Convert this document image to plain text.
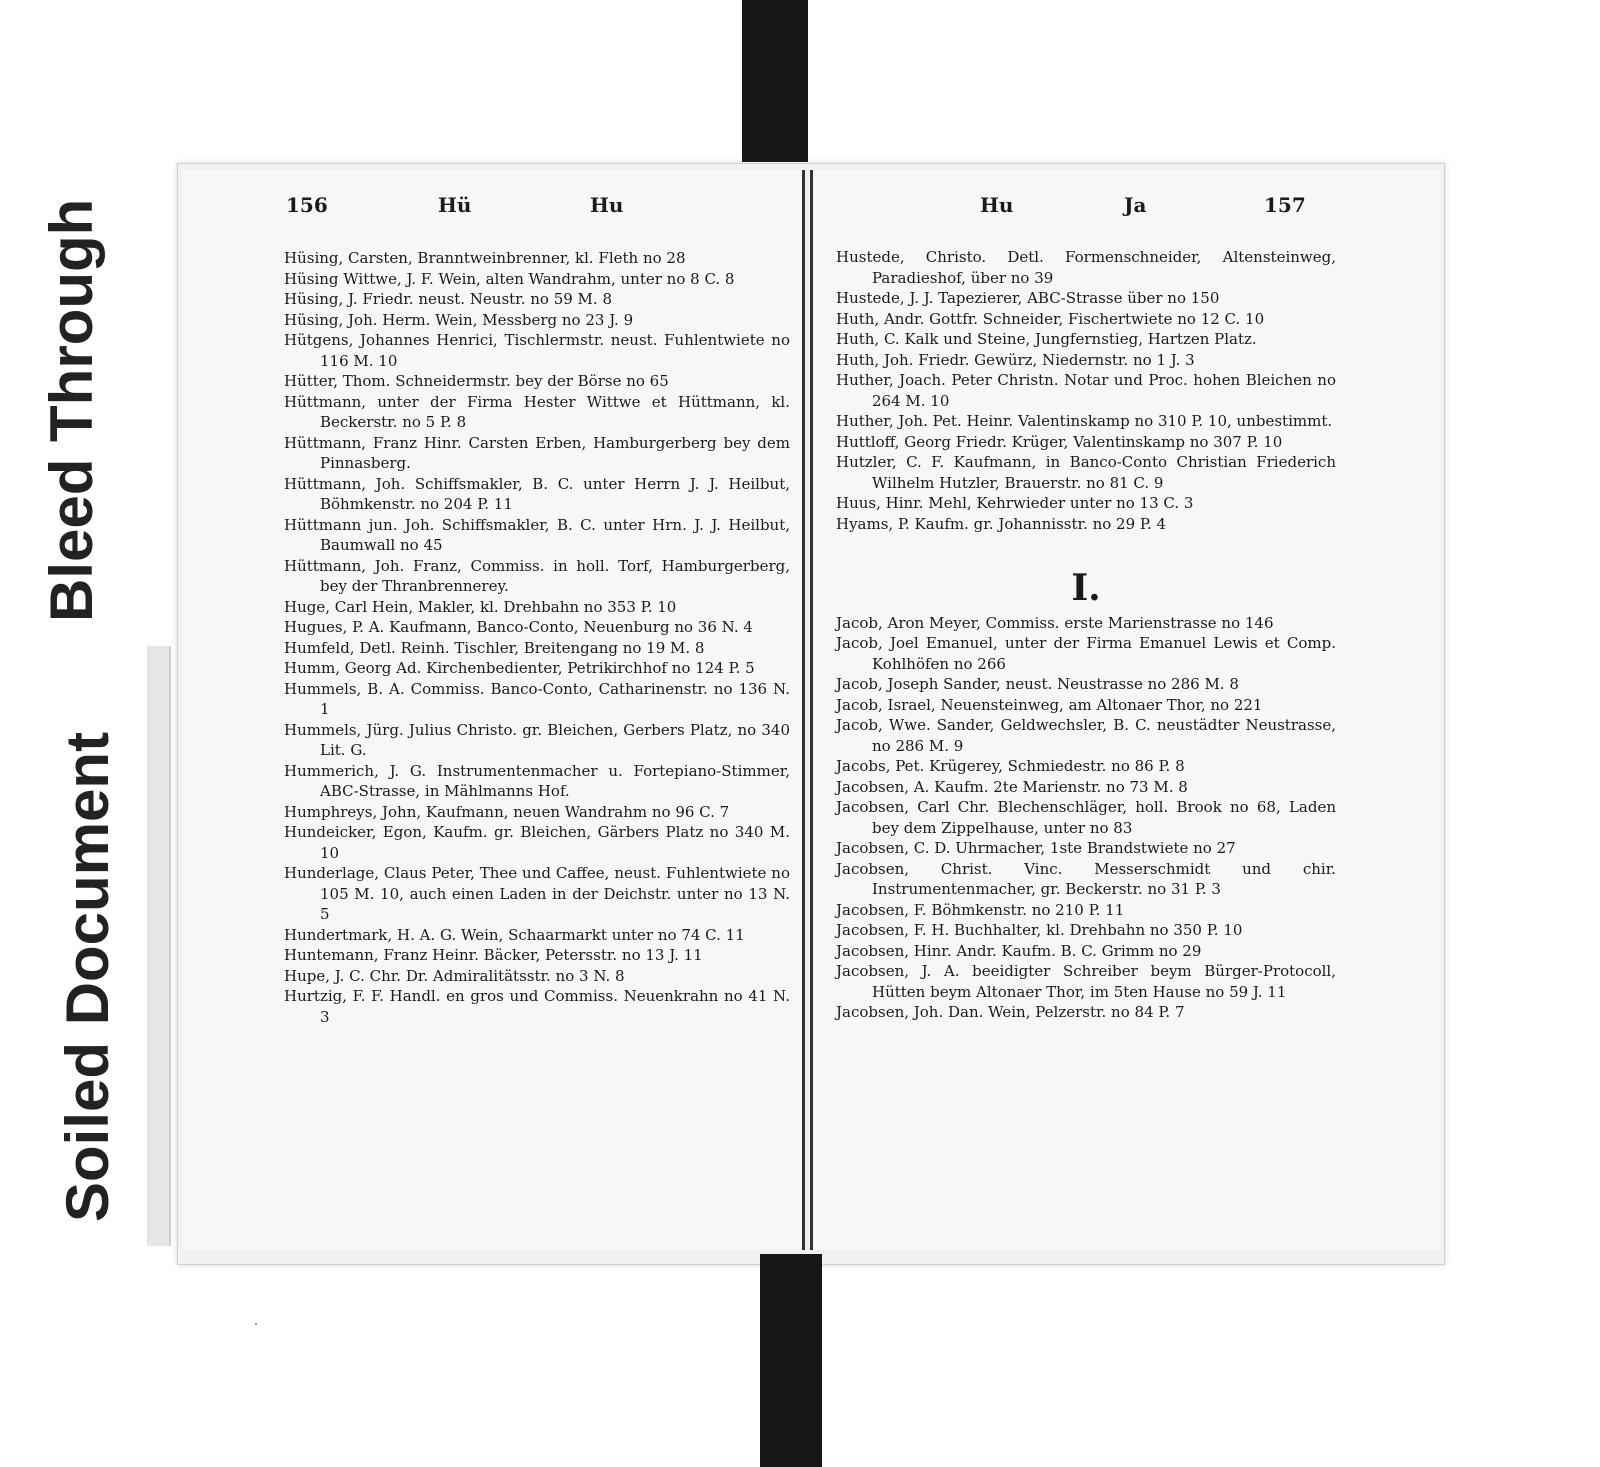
Bleed Through
Soiled Document
156	Hü	Hu	Hu	Ja	157

Hüsing, Carsten, Branntweinbrenner, kl. Fleth no 28

Hüsing Wittwe, J. F. Wein, alten Wandrahm, unter no 8 C. 8

Hüsing, J. Friedr. neust. Neustr. no 59 M. 8

Hüsing, Joh. Herm. Wein, Messberg no 23 J. 9

Hütgens, Johannes Henrici, Tischlermstr. neust. Fuhlentwiete no 116 M. 10

Hütter, Thom. Schneidermstr. bey der Börse no 65

Hüttmann, unter der Firma Hester Wittwe et Hüttmann, kl. Beckerstr. no 5 P. 8

Hüttmann, Franz Hinr. Carsten Erben, Hamburgerberg bey dem Pinnasberg.

Hüttmann, Joh. Schiffsmakler, B. C. unter Herrn J. J. Heilbut, Böhmkenstr. no 204 P. 11

Hüttmann jun. Joh. Schiffsmakler, B. C. unter Hrn. J. J. Heilbut, Baumwall no 45

Hüttmann, Joh. Franz, Commiss. in holl. Torf, Hamburgerberg, bey der Thranbrennerey.

Huge, Carl Hein, Makler, kl. Drehbahn no 353 P. 10

Hugues, P. A. Kaufmann, Banco-Conto, Neuenburg no 36 N. 4

Humfeld, Detl. Reinh. Tischler, Breitengang no 19 M. 8

Humm, Georg Ad. Kirchenbedienter, Petrikirchhof no 124 P. 5

Hummels, B. A. Commiss. Banco-Conto, Catharinenstr. no 136 N. 1

Hummels, Jürg. Julius Christo. gr. Bleichen, Gerbers Platz, no 340 Lit. G.

Hummerich, J. G. Instrumentenmacher u. Fortepiano-Stimmer, ABC-Strasse, in Mählmanns Hof.

Humphreys, John, Kaufmann, neuen Wandrahm no 96 C. 7

Hundeicker, Egon, Kaufm. gr. Bleichen, Gärbers Platz no 340 M. 10

Hunderlage, Claus Peter, Thee und Caffee, neust. Fuhlentwiete no 105 M. 10, auch einen Laden in der Deichstr. unter no 13 N. 5

Hundertmark, H. A. G. Wein, Schaarmarkt unter no 74 C. 11

Huntemann, Franz Heinr. Bäcker, Petersstr. no 13 J. 11

Hupe, J. C. Chr. Dr. Admiralitätsstr. no 3 N. 8

Hurtzig, F. F. Handl. en gros und Commiss. Neuenkrahn no 41 N. 3

Hustede, Christo. Detl. Formenschneider, Altensteinweg, Paradieshof, über no 39

Hustede, J. J. Tapezierer, ABC-Strasse über no 150

Huth, Andr. Gottfr. Schneider, Fischertwiete no 12 C. 10

Huth, C. Kalk und Steine, Jungfernstieg, Hartzen Platz.

Huth, Joh. Friedr. Gewürz, Niedernstr. no 1 J. 3

Huther, Joach. Peter Christn. Notar und Proc. hohen Bleichen no 264 M. 10

Huther, Joh. Pet. Heinr. Valentinskamp no 310 P. 10, unbestimmt.

Huttloff, Georg Friedr. Krüger, Valentinskamp no 307 P. 10

Hutzler, C. F. Kaufmann, in Banco-Conto Christian Friederich Wilhelm Hutzler, Brauerstr. no 81 C. 9

Huus, Hinr. Mehl, Kehrwieder unter no 13 C. 3

Hyams, P. Kaufm. gr. Johannisstr. no 29 P. 4

I.

Jacob, Aron Meyer, Commiss. erste Marienstrasse no 146

Jacob, Joel Emanuel, unter der Firma Emanuel Lewis et Comp. Kohlhöfen no 266

Jacob, Joseph Sander, neust. Neustrasse no 286 M. 8

Jacob, Israel, Neuensteinweg, am Altonaer Thor, no 221

Jacob, Wwe. Sander, Geldwechsler, B. C. neustädter Neustrasse, no 286 M. 9

Jacobs, Pet. Krügerey, Schmiedestr. no 86 P. 8

Jacobsen, A. Kaufm. 2te Marienstr. no 73 M. 8

Jacobsen, Carl Chr. Blechenschläger, holl. Brook no 68, Laden bey dem Zippelhause, unter no 83

Jacobsen, C. D. Uhrmacher, 1ste Brandstwiete no 27

Jacobsen, Christ. Vinc. Messerschmidt und chir. Instrumentenmacher, gr. Beckerstr. no 31 P. 3

Jacobsen, F. Böhmkenstr. no 210 P. 11

Jacobsen, F. H. Buchhalter, kl. Drehbahn no 350 P. 10

Jacobsen, Hinr. Andr. Kaufm. B. C. Grimm no 29

Jacobsen, J. A. beeidigter Schreiber beym Bürger-Protocoll, Hütten beym Altonaer Thor, im 5ten Hause no 59 J. 11

Jacobsen, Joh. Dan. Wein, Pelzerstr. no 84 P. 7
